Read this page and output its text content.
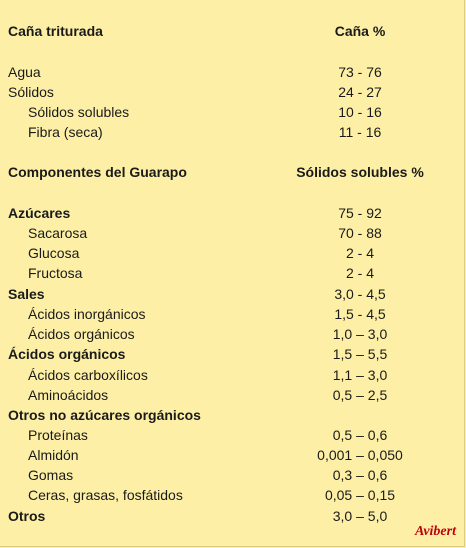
Caña triturada	Caña %
Agua	73 - 76
Sólidos	24 - 27
Sólidos solubles	10 - 16
Fibra (seca)	11 - 16
Componentes del Guarapo	Sólidos solubles %
Azúcares	75 - 92
Sacarosa	70 - 88
Glucosa	2 - 4
Fructosa	2 - 4
Sales	3,0 - 4,5
Ácidos inorgánicos	1,5 - 4,5
Ácidos orgánicos	1,0 – 3,0
Ácidos orgánicos	1,5 – 5,5
Ácidos carboxílicos	1,1 – 3,0
Aminoácidos	0,5 – 2,5
Otros no azúcares orgánicos
Proteínas	0,5 – 0,6
Almidón	0,001 – 0,050
Gomas	0,3 – 0,6
Ceras, grasas, fosfátidos	0,05 – 0,15
Otros	3,0 – 5,0
Avibert
